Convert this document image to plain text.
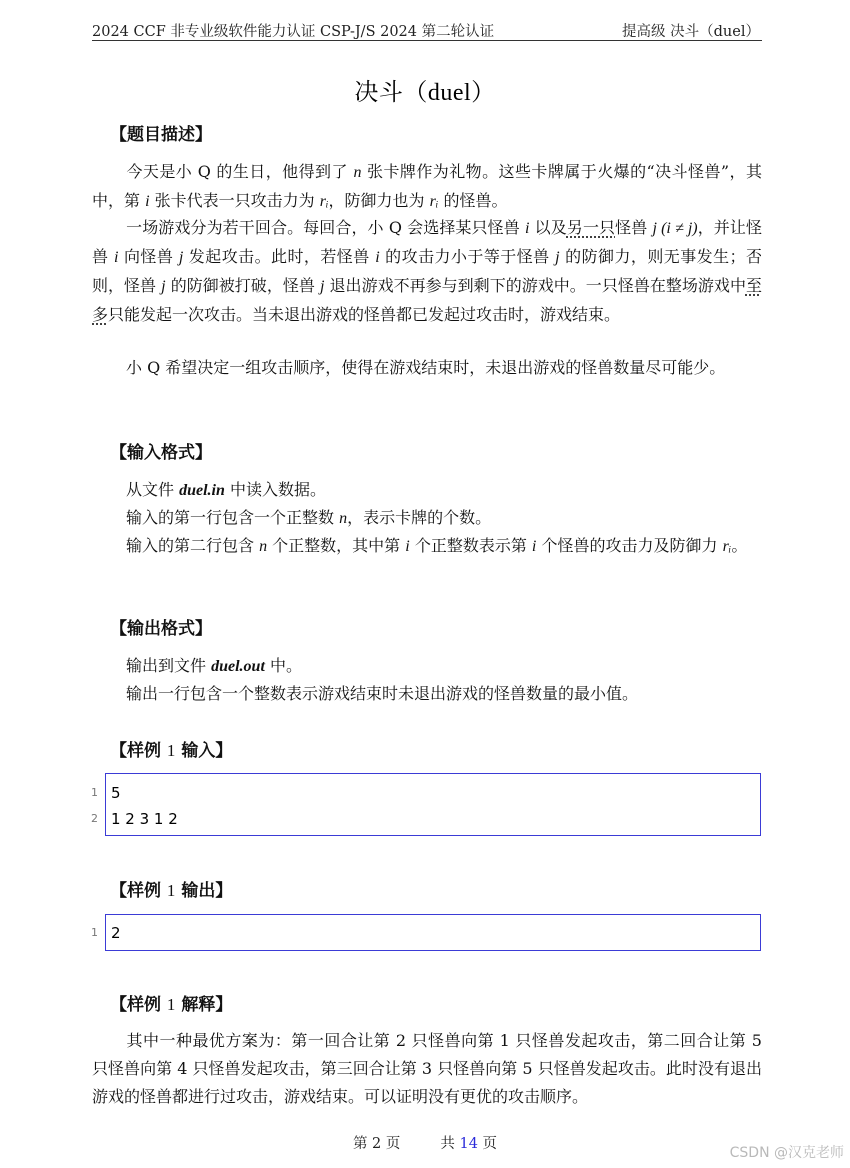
2024 CCF 非专业级软件能力认证 CSP-J/S 2024 第二轮认证	提高级 决斗（duel）
决斗（duel）
【题目描述】
今天是小 Q 的生日，他得到了 n 张卡牌作为礼物。这些卡牌属于火爆的“决斗怪兽”，其中，第 i 张卡代表一只攻击力为 rᵢ，防御力也为 rᵢ 的怪兽。
一场游戏分为若干回合。每回合，小 Q 会选择某只怪兽 i 以及另一只怪兽 j (i ≠ j)，并让怪兽 i 向怪兽 j 发起攻击。此时，若怪兽 i 的攻击力小于等于怪兽 j 的防御力，则无事发生；否则，怪兽 j 的防御被打破，怪兽 j 退出游戏不再参与到剩下的游戏中。一只怪兽在整场游戏中至多只能发起一次攻击。当未退出游戏的怪兽都已发起过攻击时，游戏结束。
小 Q 希望决定一组攻击顺序，使得在游戏结束时，未退出游戏的怪兽数量尽可能少。
【输入格式】
从文件 duel.in 中读入数据。
输入的第一行包含一个正整数 n，表示卡牌的个数。
输入的第二行包含 n 个正整数，其中第 i 个正整数表示第 i 个怪兽的攻击力及防御力 rᵢ。
【输出格式】
输出到文件 duel.out 中。
输出一行包含一个整数表示游戏结束时未退出游戏的怪兽数量的最小值。
【样例 1 输入】
1 5
2 1 2 3 1 2
【样例 1 输出】
1 2
【样例 1 解释】
其中一种最优方案为：第一回合让第 2 只怪兽向第 1 只怪兽发起攻击，第二回合让第 5 只怪兽向第 4 只怪兽发起攻击，第三回合让第 3 只怪兽向第 5 只怪兽发起攻击。此时没有退出游戏的怪兽都进行过攻击，游戏结束。可以证明没有更优的攻击顺序。
第 2 页	共 14 页
CSDN @汉克老师
